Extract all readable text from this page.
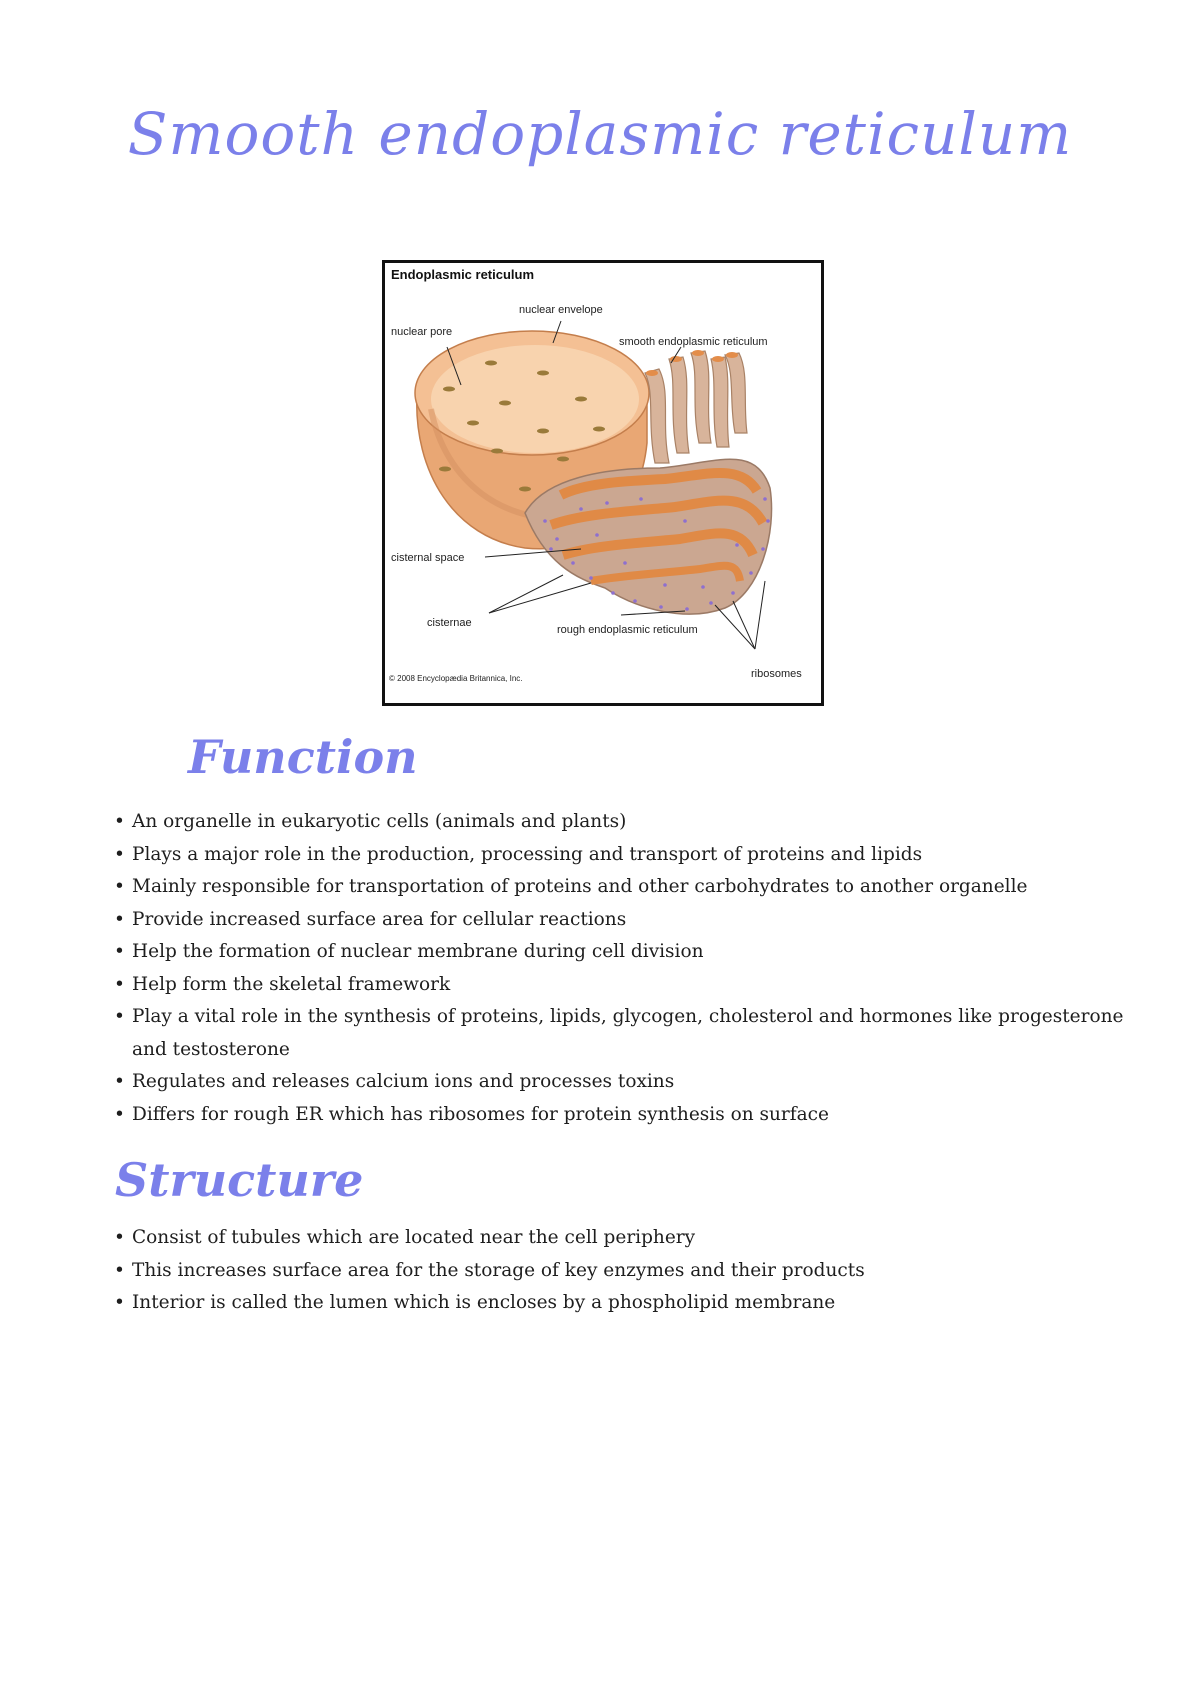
Smooth endoplasmic reticulum
Endoplasmic reticulum
nuclear envelope
nuclear pore
smooth endoplasmic reticulum
cisternal space
cisternae
rough endoplasmic reticulum
ribosomes
© 2008 Encyclopædia Britannica, Inc.
Function
• An organelle in eukaryotic cells (animals and plants)
• Plays a major role in the production, processing and transport of proteins and lipids
• Mainly responsible for transportation of proteins and other carbohydrates to another organelle
• Provide increased surface area for cellular reactions
• Help the formation of nuclear membrane during cell division
• Help form the skeletal framework
• Play a vital role in the synthesis of proteins, lipids, glycogen, cholesterol and hormones like progesterone and testosterone
• Regulates and releases calcium ions and processes toxins
• Differs for rough ER which has ribosomes for protein synthesis on surface
Structure
• Consist of tubules which are located near the cell periphery
• This increases surface area for the storage of key enzymes and their products
• Interior is called the lumen which is encloses by a phospholipid membrane
